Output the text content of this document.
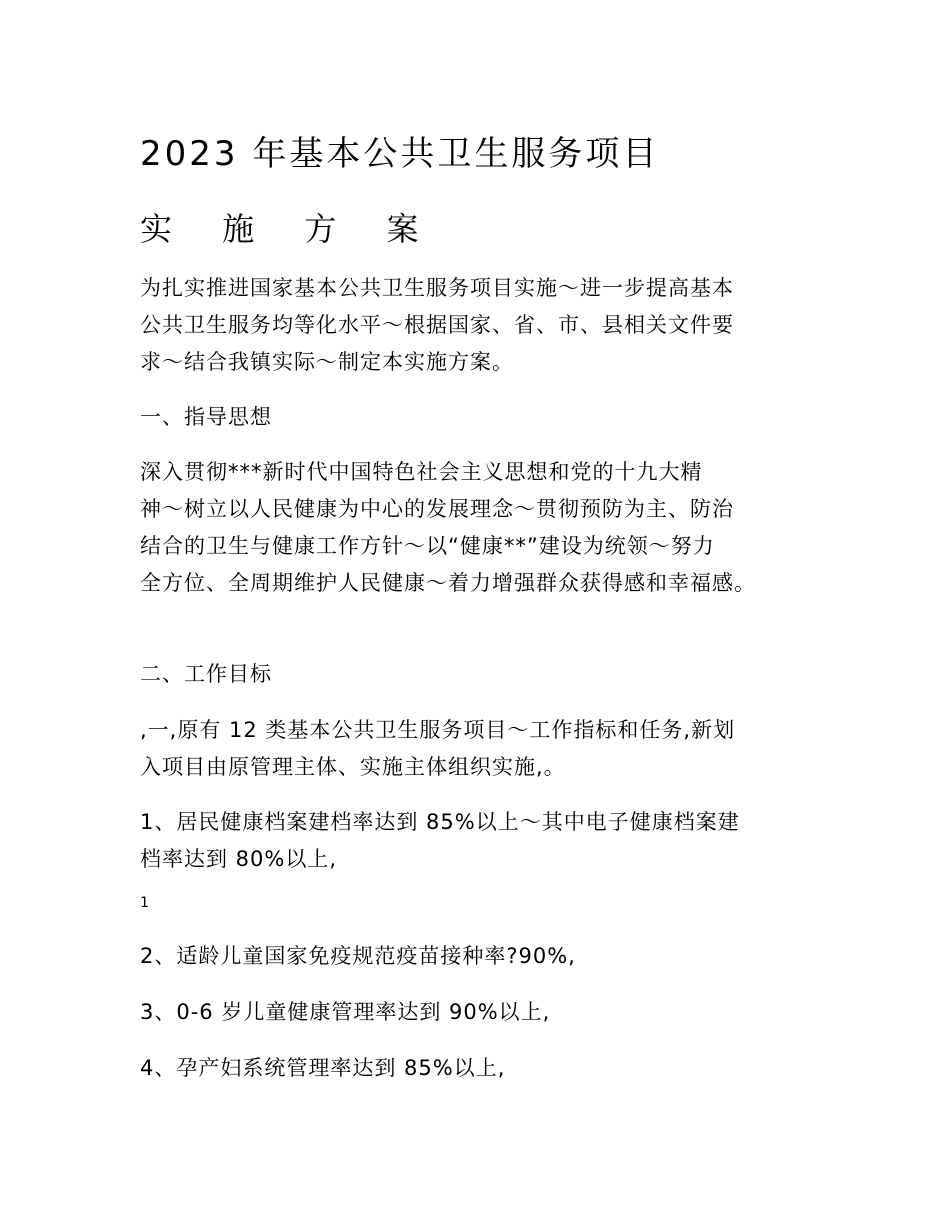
2023 年基本公共卫生服务项目
实 施 方 案
为扎实推进国家基本公共卫生服务项目实施～进一步提高基本
公共卫生服务均等化水平～根据国家、省、市、县相关文件要
求～结合我镇实际～制定本实施方案。
一、指导思想
深入贯彻***新时代中国特色社会主义思想和党的十九大精
神～树立以人民健康为中心的发展理念～贯彻预防为主、防治
结合的卫生与健康工作方针～以“健康**”建设为统领～努力
全方位、全周期维护人民健康～着力增强群众获得感和幸福感。
二、工作目标
,一,原有 12 类基本公共卫生服务项目～工作指标和任务,新划
入项目由原管理主体、实施主体组织实施,。
1、居民健康档案建档率达到 85%以上～其中电子健康档案建
档率达到 80%以上,
1
2、适龄儿童国家免疫规范疫苗接种率?90%,
3、0-6 岁儿童健康管理率达到 90%以上,
4、孕产妇系统管理率达到 85%以上,
